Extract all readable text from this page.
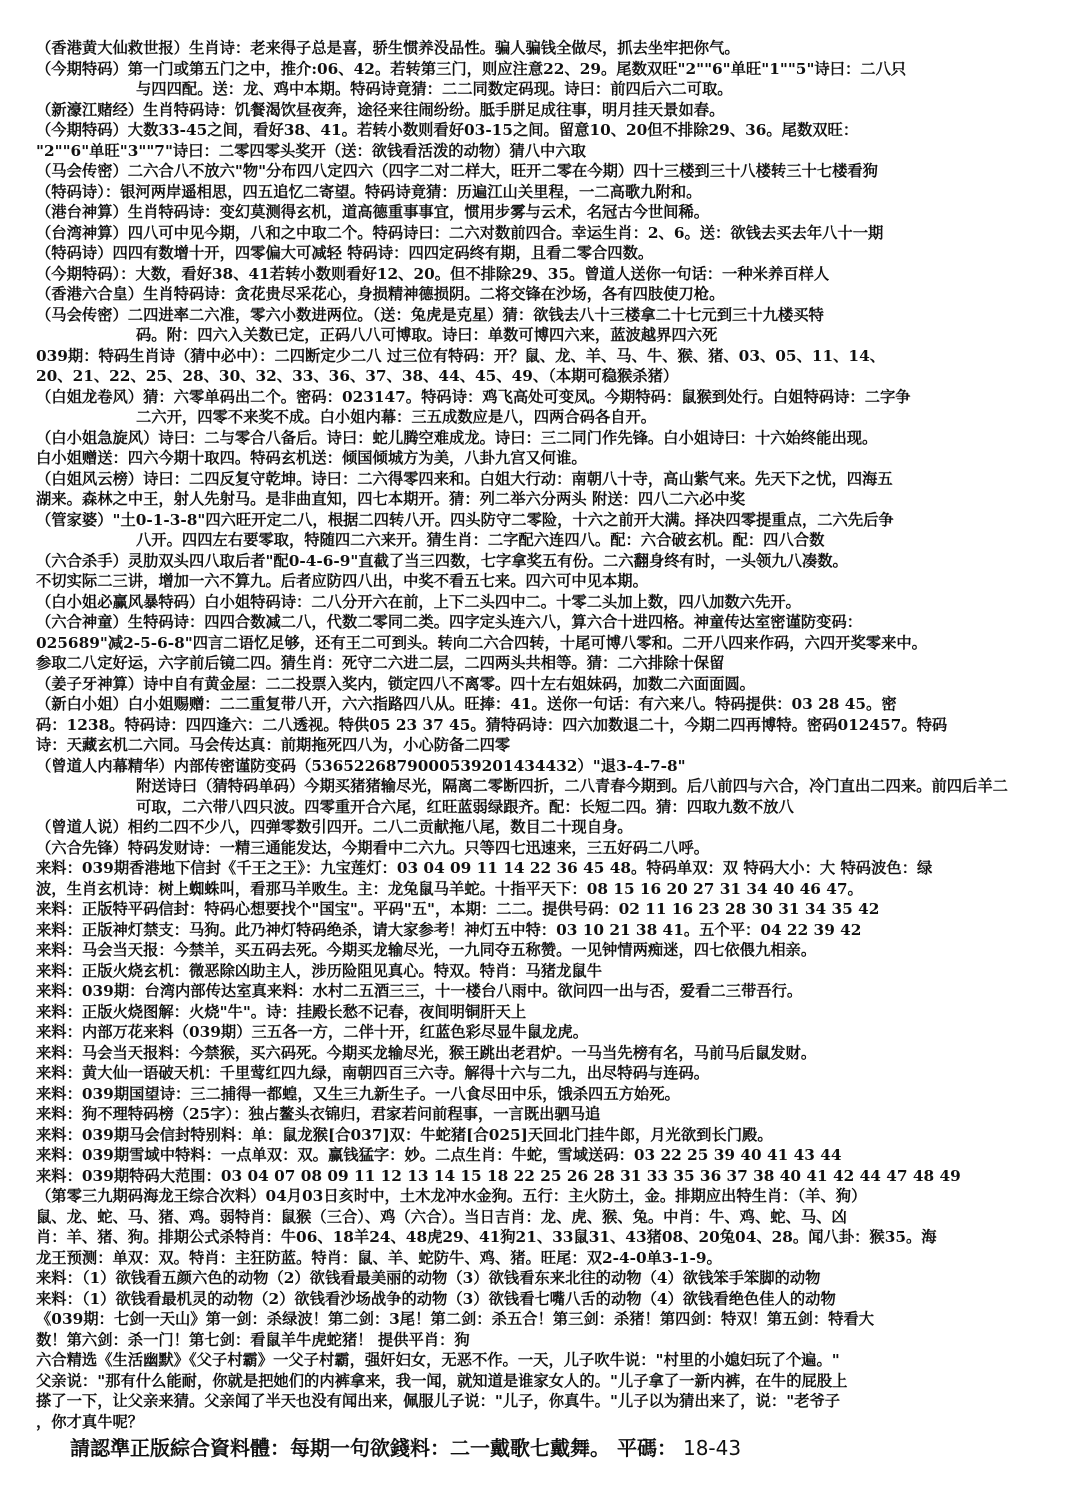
（香港黄大仙救世报）生肖诗：老来得子总是喜，骄生惯养没品性。骗人骗钱全做尽，抓去坐牢把你气。
（今期特码）第一门或第五门之中，推介:06、42。若转第三门，则应注意22、29。尾数双旺"2""6"单旺"1""5"诗曰：二八只
与四四配。送：龙、鸡中本期。特码诗竟猜：二二同数定码现。诗曰：前四后六二可取。
（新濠江赌经）生肖特码诗：饥餐渴饮昼夜奔，途径来往闹纷纷。胝手胼足成往事，明月挂天景如春。
（今期特码）大数33-45之间，看好38、41。若转小数则看好03-15之间。留意10、20但不排除29、36。尾数双旺：
"2""6"单旺"3""7"诗曰：二零四零头奖开（送：欲钱看活泼的动物）猜八中六取
（马会传密）二六合八不放六"物"分布四八定四六（四字二对二样大，旺开二零在今期）四十三楼到三十八楼转三十七楼看狗
（特码诗）：银河两岸遥相思，四五追忆二寄望。特码诗竟猜：历遍江山关里程，一二高歌九附和。
（港台神算）生肖特码诗：变幻莫测得玄机，道高德重事事宜，惯用步雾与云术，名冠古今世间稀。
（台湾神算）四八可中见今期，八和之中取二个。特码诗曰：二六对数前四合。幸运生肖：2、6。送：欲钱去买去年八十一期
（特码诗）四四有数增十开，四零偏大可减轻 特码诗：四四定码终有期，且看二零合四数。
（今期特码）：大数，看好38、41若转小数则看好12、20。但不排除29、35。曾道人送你一句话：一种米养百样人
（香港六合皇）生肖特码诗：贪花贵尽采花心，身损精神德损阴。二将交锋在沙场，各有四肢使刀枪。
（马会传密）二四进率二六准，零六小数进两位。（送：兔虎是克星）猜：欲钱去八十三楼拿二十七元到三十九楼买特
码。附：四六入关数已定，正码八八可博取。诗曰：单数可博四六来，蓝波越界四六死
039期：特码生肖诗（猜中必中）：二四断定少二八 过三位有特码：开？鼠、龙、羊、马、牛、猴、猪、03、05、11、14、
20、21、22、25、28、30、32、33、36、37、38、44、45、49、（本期可稳猴杀猪）
（白姐龙卷风）猜：六零单码出二个。密码：023147。特码诗：鸡飞高处可变凤。今期特码：鼠猴到处行。白姐特码诗：二字争
二六开，四零不来奖不成。白小姐内幕：三五成数应是八，四两合码各自开。
（白小姐急旋风）诗曰：二与零合八备后。诗曰：蛇儿腾空难成龙。诗曰：三二同门作先锋。白小姐诗曰：十六始终能出现。
白小姐赠送：四六今期十取四。特码玄机送：倾国倾城方为美，八卦九宫又何谁。
（白姐风云榜）诗曰：二四反复守乾坤。诗曰：二六得零四来和。白姐大行动：南朝八十寺，高山紫气来。先天下之忧，四海五
湖来。森林之中王，射人先射马。是非曲直知，四七本期开。猜：列二举六分两头 附送：四八二六必中奖
（管家婆）"土0-1-3-8"四六旺开定二八，根据二四转八开。四头防守二零险，十六之前开大满。择决四零提重点，二六先后争
八开。四四左右要零取，特随四二六来开。猜生肖：二字配六连四八。配：六合破玄机。配：四八合数
（六合杀手）灵肋双头四八取后者"配0-4-6-9"直截了当三四数，七字拿奖五有份。二六翻身终有时，一头领九八凑数。
不切实际二三讲，增加一六不算九。后者应防四八出，中奖不看五七来。四六可中见本期。
（白小姐必赢风暴特码）白小姐特码诗：二八分开六在前，上下二头四中二。十零二头加上数，四八加数六先开。
（六合神童）生特码诗：四四合数减二八，代数二零同二类。四字定头连六八，算六合十进四格。神童传达室密谨防变码：
025689"减2-5-6-8"四言二语忆足够，还有王二可到头。转向二六合四转，十尾可博八零和。二开八四来作码，六四开奖零来中。
参取二八定好运，六字前后镜二四。猜生肖：死守二六进二层，二四两头共相等。猜：二六排除十保留
（姜子牙神算）诗中自有黄金屋：二二投票入奖内，锁定四八不离零。四十左右姐妹码，加数二六面面圆。
（新白小姐）白小姐赐赠：二二重复带八开，六六指路四八从。旺捧：41。送你一句话：有六来八。特码提供：03 28 45。密
码：1238。特码诗：四四逢六：二八透视。特供05 23 37 45。猜特码诗：四六加数退二十，今期二四再博特。密码012457。特码
诗：天藏玄机二六同。马会传达真：前期拖死四八为，小心防备二四零
（曾道人内幕精华）内部传密谨防变码（5365226879000539201434432）"退3-4-7-8"
附送诗曰（猜特码单码）今期买猪猪输尽光，隔离二零断四折，二八青春今期到。后八前四与六合，冷门直出二四来。前四后羊二
可取，二六带八四只波。四零重开合六尾，红旺蓝弱绿跟齐。配：长短二四。猜：四取九数不放八
（曾道人说）相约二四不少八，四弹零数引四开。二八二贡献拖八尾，数目二十现自身。
（六合先锋）特码发财诗：一精三通能发达，今期看中二六九。只等四七迅速来，三五好码二八呼。
来料：039期香港地下信封《千王之王》：九宝莲灯：03 04 09 11 14 22 36 45 48。特码单双：双 特码大小：大 特码波色：绿
波，生肖玄机诗：树上蜘蛛叫，看那马羊败生。主：龙兔鼠马羊蛇。十指平天下：08 15 16 20 27 31 34 40 46 47。
来料：正版特平码信封：特码心想要找个"国宝"。平码"五"，本期：二二。提供号码：02 11 16 23 28 30 31 34 35 42
来料：正版神灯禁支：马狗。此乃神灯特码绝杀，请大家参考！神灯五中特：03 10 21 38 41。五个平：04 22 39 42
来料：马会当天报：今禁羊，买五码去死。今期买龙输尽光，一九同夺五称赞。一见钟情两痴迷，四七依偎九相亲。
来料：正版火烧玄机：微恶除凶助主人，涉历险阻见真心。特双。特肖：马猪龙鼠牛
来料：039期：台湾内部传达室真来料：水村二五酒三三，十一楼台八雨中。欲问四一出与否，爱看二三带吾行。
来料：正版火烧图解：火烧"牛"。诗：挂殿长愁不记春，夜间明铜肝天上
来料：内部万花来料（039期）三五各一方，二伴十开，红蓝色彩尽显牛鼠龙虎。
来料：马会当天报料：今禁猴，买六码死。今期买龙输尽光，猴王跳出老君炉。一马当先榜有名，马前马后鼠发财。
来料：黄大仙一语破天机：千里莺红四九绿，南朝四百三六寺。解得十六与二九，出尽特码与连码。
来料：039期国望诗：三二捕得一都蝗，又生三九新生子。一八食尽田中乐，饿杀四五方始死。
来料：狗不理特码榜（25字）：独占鳌头衣锦归，君家若问前程事，一言既出驷马追
来料：039期马会信封特别料：单：鼠龙猴[合037]双：牛蛇猪[合025]天回北门挂牛郎，月光欲到长门殿。
来料：039期雪域中特料：一点单双：双。赢钱猛字：妙。二点生肖：牛蛇，雪域送码：03 22 25 39 40 41 43 44
来料：039期特码大范围：03 04 07 08 09 11 12 13 14 15 18 22 25 26 28 31 33 35 36 37 38 40 41 42 44 47 48 49
（第零三九期码海龙王综合次料）04月03日亥时中，土木龙冲水金狗。五行：主火防土，金。排期应出特生肖：（羊、狗）
鼠、龙、蛇、马、猪、鸡。弱特肖：鼠猴（三合）、鸡（六合）。当日吉肖：龙、虎、猴、兔。中肖：牛、鸡、蛇、马、凶
肖：羊、猪、狗。排期公式杀特肖：牛06、18羊24、48虎29、41狗21、33鼠31、43猪08、20兔04、28。闻八卦：猴35。海
龙王预测：单双：双。特肖：主狂防蓝。特肖：鼠、羊、蛇防牛、鸡、猪。旺尾：双2-4-0单3-1-9。
来料：（1）欲钱看五颜六色的动物（2）欲钱看最美丽的动物（3）欲钱看东来北往的动物（4）欲钱笨手笨脚的动物
来料：（1）欲钱看最机灵的动物（2）欲钱看沙场战争的动物（3）欲钱看七嘴八舌的动物（4）欲钱看绝色佳人的动物
《039期：七剑一天山》第一剑：杀绿波！第二剑：3尾！第二剑：杀五合！第三剑：杀猪！第四剑：特双！第五剑：特看大
数！第六剑：杀一门！第七剑：看鼠羊牛虎蛇猪！ 提供平肖：狗
六合精选《生活幽默》《父子村霸》一父子村霸，强奸妇女，无恶不作。一天，儿子吹牛说："村里的小媳妇玩了个遍。"
父亲说："那有什么能耐，你就是把她们的内裤拿来，我一闻，就知道是谁家女人的。"儿子拿了一新内裤，在牛的屁股上
搽了一下，让父亲来猜。父亲闻了半天也没有闻出来，佩服儿子说："儿子，你真牛。"儿子以为猜出来了，说："老爷子
，你才真牛呢？
請認準正版綜合資料體：每期一句欲錢料：二一戴歌七戴舞。 平碼： 18-43
